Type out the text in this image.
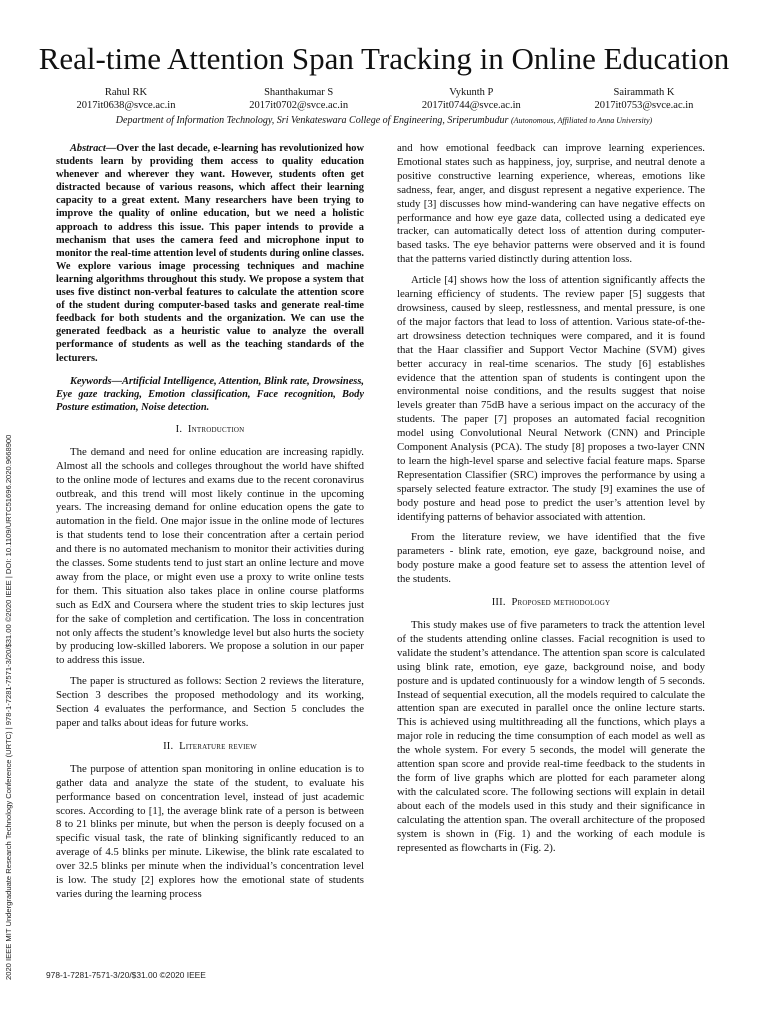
Real-time Attention Span Tracking in Online Education
Rahul RK
2017it0638@svce.ac.in
Shanthakumar S
2017it0702@svce.ac.in
Vykunth P
2017it0744@svce.ac.in
Sairammath K
2017it0753@svce.ac.in
Department of Information Technology, Sri Venkateswara College of Engineering, Sriperumbudur (Autonomous, Affiliated to Anna University)

Abstract—Over the last decade, e-learning has revolutionized how students learn by providing them access to quality education whenever and wherever they want. However, students often get distracted because of various reasons, which affect their learning capacity to a great extent. Many researchers have been trying to improve the quality of online education, but we need a holistic approach to address this issue. This paper intends to provide a mechanism that uses the camera feed and microphone input to monitor the real-time attention level of students during online classes. We explore various image processing techniques and machine learning algorithms throughout this study. We propose a system that uses five distinct non-verbal features to calculate the attention score of the student during computer-based tasks and generate real-time feedback for both students and the organization. We can use the generated feedback as a heuristic value to analyze the overall performance of students as well as the teaching standards of the lecturers.

Keywords—Artificial Intelligence, Attention, Blink rate, Drowsiness, Eye gaze tracking, Emotion classification, Face recognition, Body Posture estimation, Noise detection.

I. Introduction

The demand and need for online education are increasing rapidly. Almost all the schools and colleges throughout the world have shifted to the online mode of lectures and exams due to the recent coronavirus outbreak, and this trend will most likely continue in the upcoming years. The increasing demand for online education opens the gate to automation in the field. One major issue in the online mode of lectures is that students tend to lose their concentration after a certain period and there is no automated mechanism to monitor their activities during the classes. Some students tend to just start an online lecture and move away from the place, or might even use a proxy to write online tests for them. This situation also takes place in online course platforms such as EdX and Coursera where the student tries to skip lectures just for the sake of completion and certification. The loss in concentration not only affects the student’s knowledge level but also hurts the society by producing low-skilled laborers. We propose a solution in our paper to address this issue.

The paper is structured as follows: Section 2 reviews the literature, Section 3 describes the proposed methodology and its working, Section 4 evaluates the performance, and Section 5 concludes the paper and talks about ideas for future works.

II. Literature review

The purpose of attention span monitoring in online education is to gather data and analyze the state of the student, to evaluate his performance based on concentration level, instead of just academic scores. According to [1], the average blink rate of a person is between 8 to 21 blinks per minute, but when the person is deeply focused on a specific visual task, the rate of blinking significantly reduced to an average of 4.5 blinks per minute. Likewise, the blink rate escalated to over 32.5 blinks per minute when the individual’s concentration level is low. The study [2] explores how the emotional state of students varies during the learning process

and how emotional feedback can improve learning experiences. Emotional states such as happiness, joy, surprise, and neutral denote a positive constructive learning experience, whereas, emotions like sadness, fear, anger, and disgust represent a negative experience. The study [3] discusses how mind-wandering can have negative effects on performance and how eye gaze data, collected using a dedicated eye tracker, can automatically detect loss of attention during computer-based tasks. The eye behavior patterns were observed and it is found that the patterns varied distinctly during attention loss.

Article [4] shows how the loss of attention significantly affects the learning efficiency of students. The review paper [5] suggests that drowsiness, caused by sleep, restlessness, and mental pressure, is one of the major factors that lead to loss of attention. Various state-of-the-art drowsiness detection techniques were compared, and it is found that the Haar classifier and Support Vector Machine (SVM) gives better accuracy in real-time scenarios. The study [6] establishes evidence that the attention span of students is contingent upon the environmental noise conditions, and the results suggest that noise levels greater than 75dB have a serious impact on the accuracy of the students. The paper [7] proposes an automated facial recognition model using Convolutional Neural Network (CNN) and Principle Component Analysis (PCA). The study [8] proposes a two-layer CNN to learn the high-level sparse and selective facial feature maps. Sparse Representation Classifier (SRC) improves the performance by using a sparsely selected feature extractor. The study [9] examines the use of body posture and head pose to predict the user’s attention level by identifying patterns of behavior associated with attention.

From the literature review, we have identified that the five parameters - blink rate, emotion, eye gaze, background noise, and body posture make a good feature set to assess the attention level of the students.

III. Proposed methodology

This study makes use of five parameters to track the attention level of the students attending online classes. Facial recognition is used to validate the student’s attendance. The attention span score is calculated using blink rate, emotion, eye gaze, background noise, and body posture and is updated continuously for a window length of 5 seconds. Instead of sequential execution, all the models required to calculate the attention span are executed in parallel once the online lecture starts. This is achieved using multithreading all the functions, which plays a major role in reducing the time consumption of each model as well as the whole system. For every 5 seconds, the model will generate the attention span score and provide real-time feedback to the students in the form of live graphs which are plotted for each parameter along with the calculated score. The following sections will explain in detail about each of the models used in this study and their significance in calculating the attention span. The overall architecture of the proposed system is shown in (Fig. 1) and the working of each module is represented as flowcharts in (Fig. 2).

2020 IEEE MIT Undergraduate Research Technology Conference (URTC) | 978-1-7281-7571-3/20/$31.00 ©2020 IEEE | DOI: 10.1109/URTC51696.2020.9668900	978-1-7281-7571-3/20/$31.00 ©2020 IEEE
